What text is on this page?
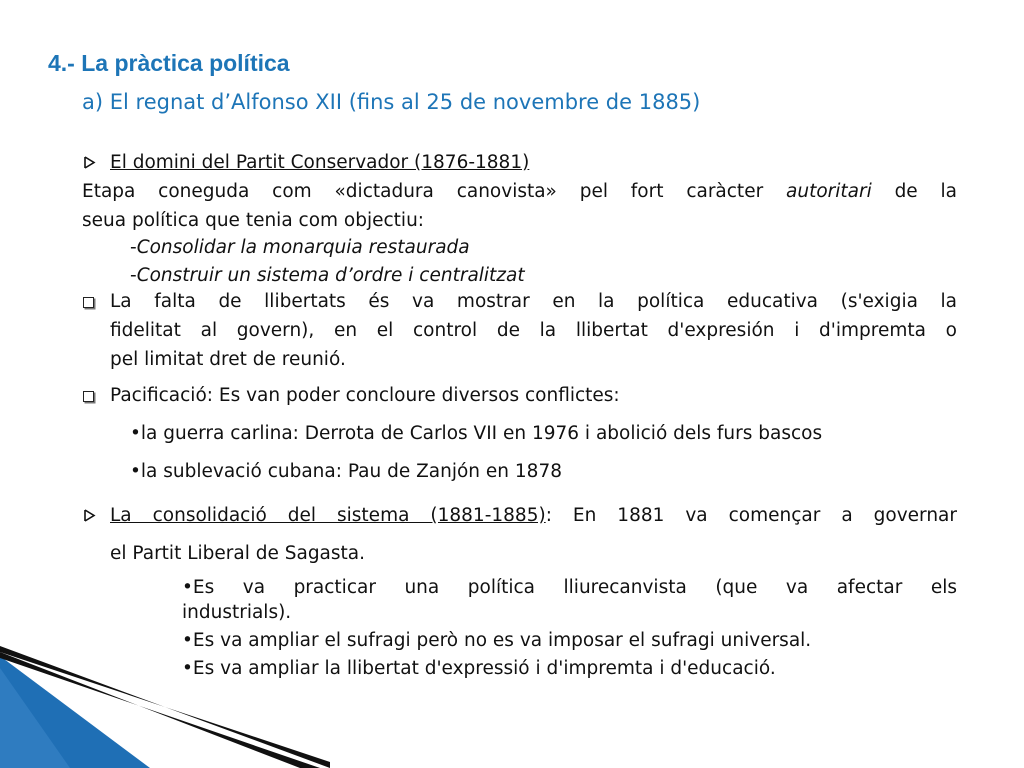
4.- La pràctica política
a) El regnat d’Alfonso XII (fins al 25 de novembre de 1885)
El domini del Partit Conservador (1876-1881)
Etapa coneguda com «dictadura canovista» pel fort caràcter autoritari de la
seua política que tenia com objectiu:
-Consolidar la monarquia restaurada
-Construir un sistema d’ordre i centralitzat
La falta de llibertats és va mostrar en la política educativa (s'exigia la
fidelitat al govern), en el control de la llibertat d'expresión i d'impremta o
pel limitat dret de reunió.
Pacificació: Es van poder concloure diversos conflictes:
•la guerra carlina: Derrota de Carlos VII en 1976 i abolició dels furs bascos
•la sublevació cubana: Pau de Zanjón en 1878
La consolidació del sistema (1881-1885): En 1881 va començar a governar
el Partit Liberal de Sagasta.
•Es va practicar una política lliurecanvista (que va afectar els
industrials).
•Es va ampliar el sufragi però no es va imposar el sufragi universal.
•Es va ampliar la llibertat d'expressió i d'impremta i d'educació.
